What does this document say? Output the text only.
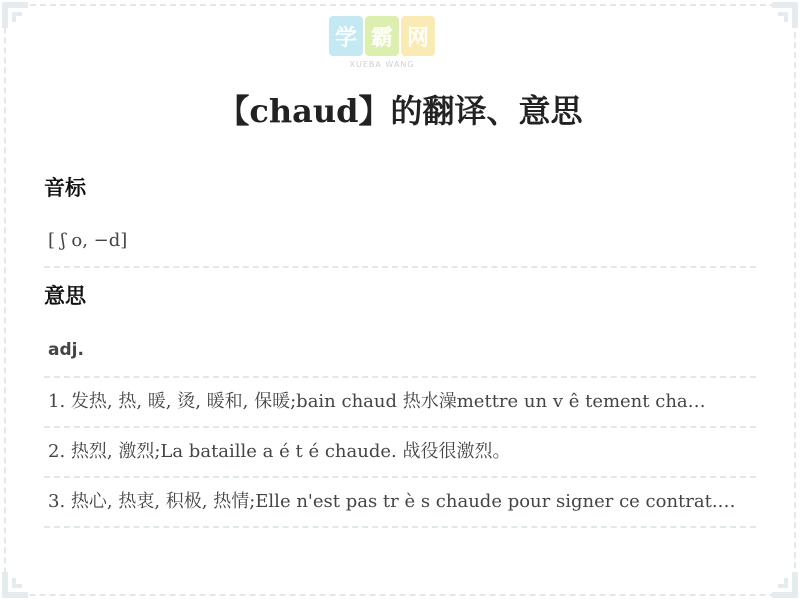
学 霸 网
XUEBA WANG
【chaud】的翻译、意思
音标
[ ʃ o, −d]
意思
adj.
1. 发热, 热, 暖, 烫, 暖和, 保暖;bain chaud 热水澡mettre un v ê tement cha…
2. 热烈, 激烈;La bataille a é t é chaude. 战役很激烈。
3. 热心, 热衷, 积极, 热情;Elle n'est pas tr è s chaude pour signer ce contrat.…
